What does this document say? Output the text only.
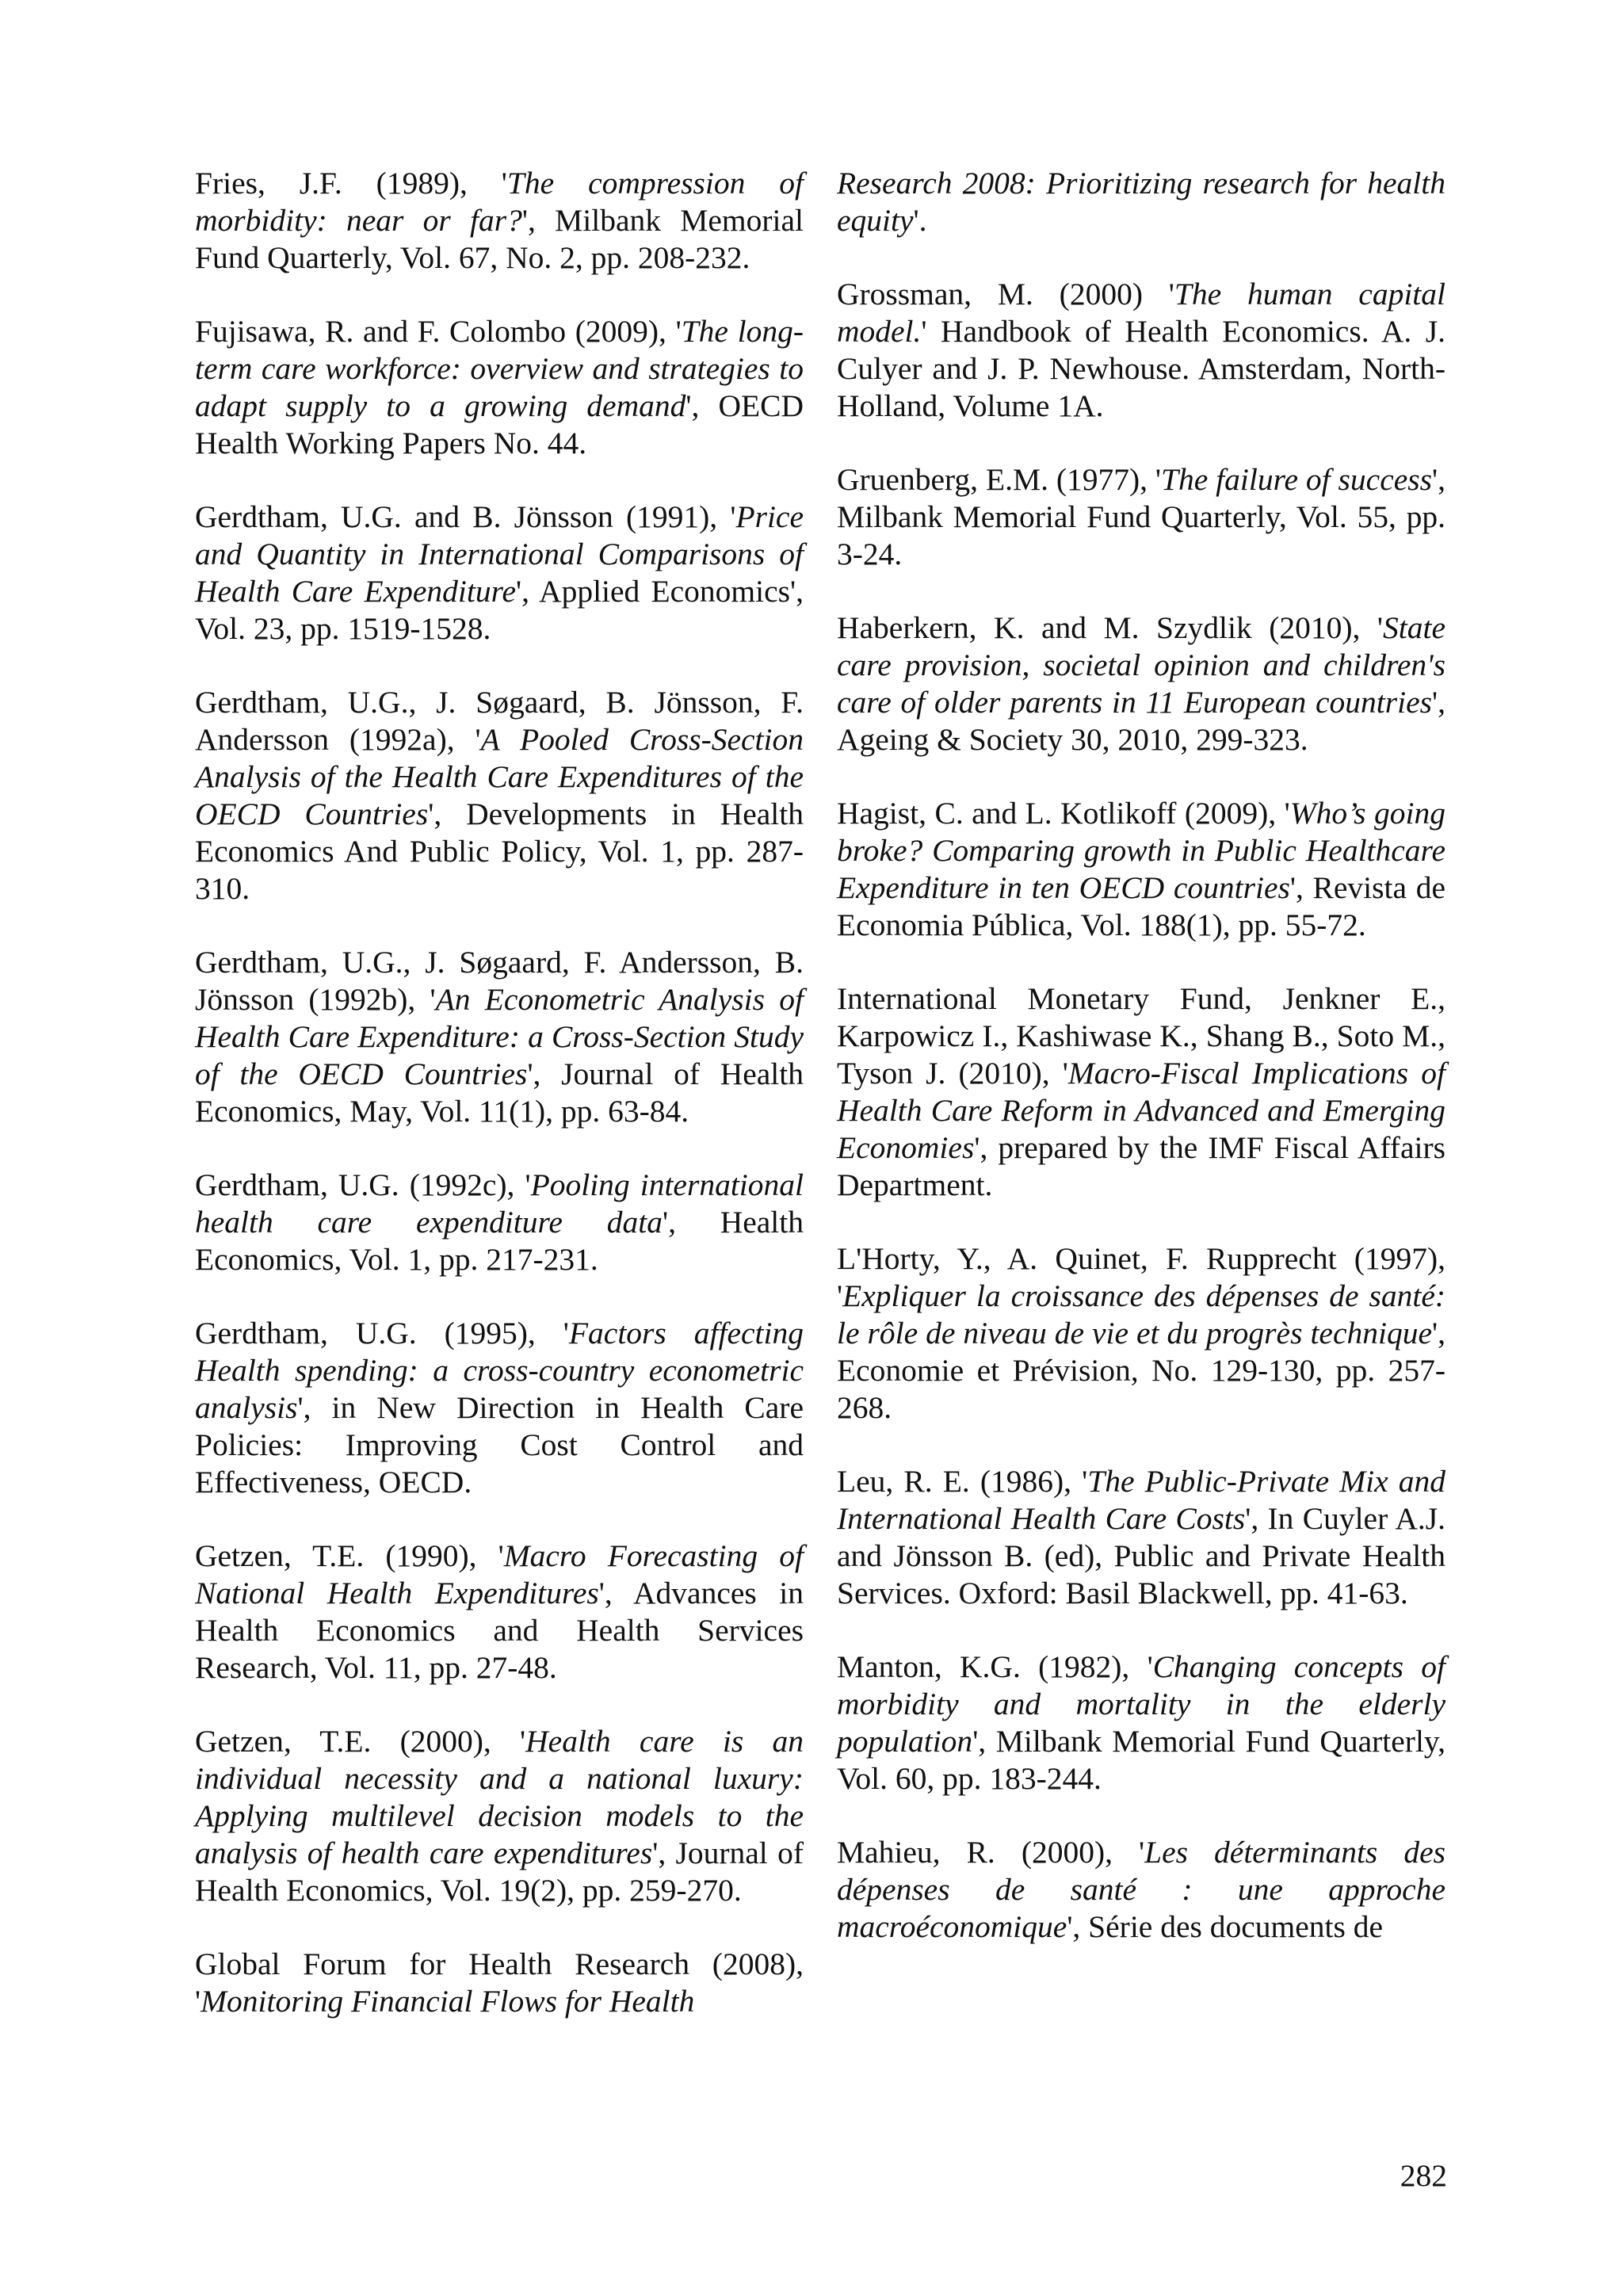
Fries, J.F. (1989), 'The compression of morbidity: near or far?', Milbank Memorial Fund Quarterly, Vol. 67, No. 2, pp. 208-232.

Fujisawa, R. and F. Colombo (2009), 'The long-term care workforce: overview and strategies to adapt supply to a growing demand', OECD Health Working Papers No. 44.

Gerdtham, U.G. and B. Jönsson (1991), 'Price and Quantity in International Comparisons of Health Care Expenditure', Applied Economics', Vol. 23, pp. 1519-1528.

Gerdtham, U.G., J. Søgaard, B. Jönsson, F. Andersson (1992a), 'A Pooled Cross-Section Analysis of the Health Care Expenditures of the OECD Countries', Developments in Health Economics And Public Policy, Vol. 1, pp. 287-310.

Gerdtham, U.G., J. Søgaard, F. Andersson, B. Jönsson (1992b), 'An Econometric Analysis of Health Care Expenditure: a Cross-Section Study of the OECD Countries', Journal of Health Economics, May, Vol. 11(1), pp. 63-84.

Gerdtham, U.G. (1992c), 'Pooling international health care expenditure data', Health Economics, Vol. 1, pp. 217-231.

Gerdtham, U.G. (1995), 'Factors affecting Health spending: a cross-country econometric analysis', in New Direction in Health Care Policies: Improving Cost Control and Effectiveness, OECD.

Getzen, T.E. (1990), 'Macro Forecasting of National Health Expenditures', Advances in Health Economics and Health Services Research, Vol. 11, pp. 27-48.

Getzen, T.E. (2000), 'Health care is an individual necessity and a national luxury: Applying multilevel decision models to the analysis of health care expenditures', Journal of Health Economics, Vol. 19(2), pp. 259-270.

Global Forum for Health Research (2008), 'Monitoring Financial Flows for Health

Research 2008: Prioritizing research for health equity'.

Grossman, M. (2000) 'The human capital model.' Handbook of Health Economics. A. J. Culyer and J. P. Newhouse. Amsterdam, North-Holland, Volume 1A.

Gruenberg, E.M. (1977), 'The failure of success', Milbank Memorial Fund Quarterly, Vol. 55, pp. 3-24.

Haberkern, K. and M. Szydlik (2010), 'State care provision, societal opinion and children's care of older parents in 11 European countries', Ageing & Society 30, 2010, 299-323.

Hagist, C. and L. Kotlikoff (2009), 'Who’s going broke? Comparing growth in Public Healthcare Expenditure in ten OECD countries', Revista de Economia Pública, Vol. 188(1), pp. 55-72.

International Monetary Fund, Jenkner E., Karpowicz I., Kashiwase K., Shang B., Soto M., Tyson J. (2010), 'Macro-Fiscal Implications of Health Care Reform in Advanced and Emerging Economies', prepared by the IMF Fiscal Affairs Department.

L'Horty, Y., A. Quinet, F. Rupprecht (1997), 'Expliquer la croissance des dépenses de santé: le rôle de niveau de vie et du progrès technique', Economie et Prévision, No. 129-130, pp. 257-268.

Leu, R. E. (1986), 'The Public-Private Mix and International Health Care Costs', In Cuyler A.J. and Jönsson B. (ed), Public and Private Health Services. Oxford: Basil Blackwell, pp. 41-63.

Manton, K.G. (1982), 'Changing concepts of morbidity and mortality in the elderly population', Milbank Memorial Fund Quarterly, Vol. 60, pp. 183-244.

Mahieu, R. (2000), 'Les déterminants des dépenses de santé : une approche macroéconomique', Série des documents de

282
